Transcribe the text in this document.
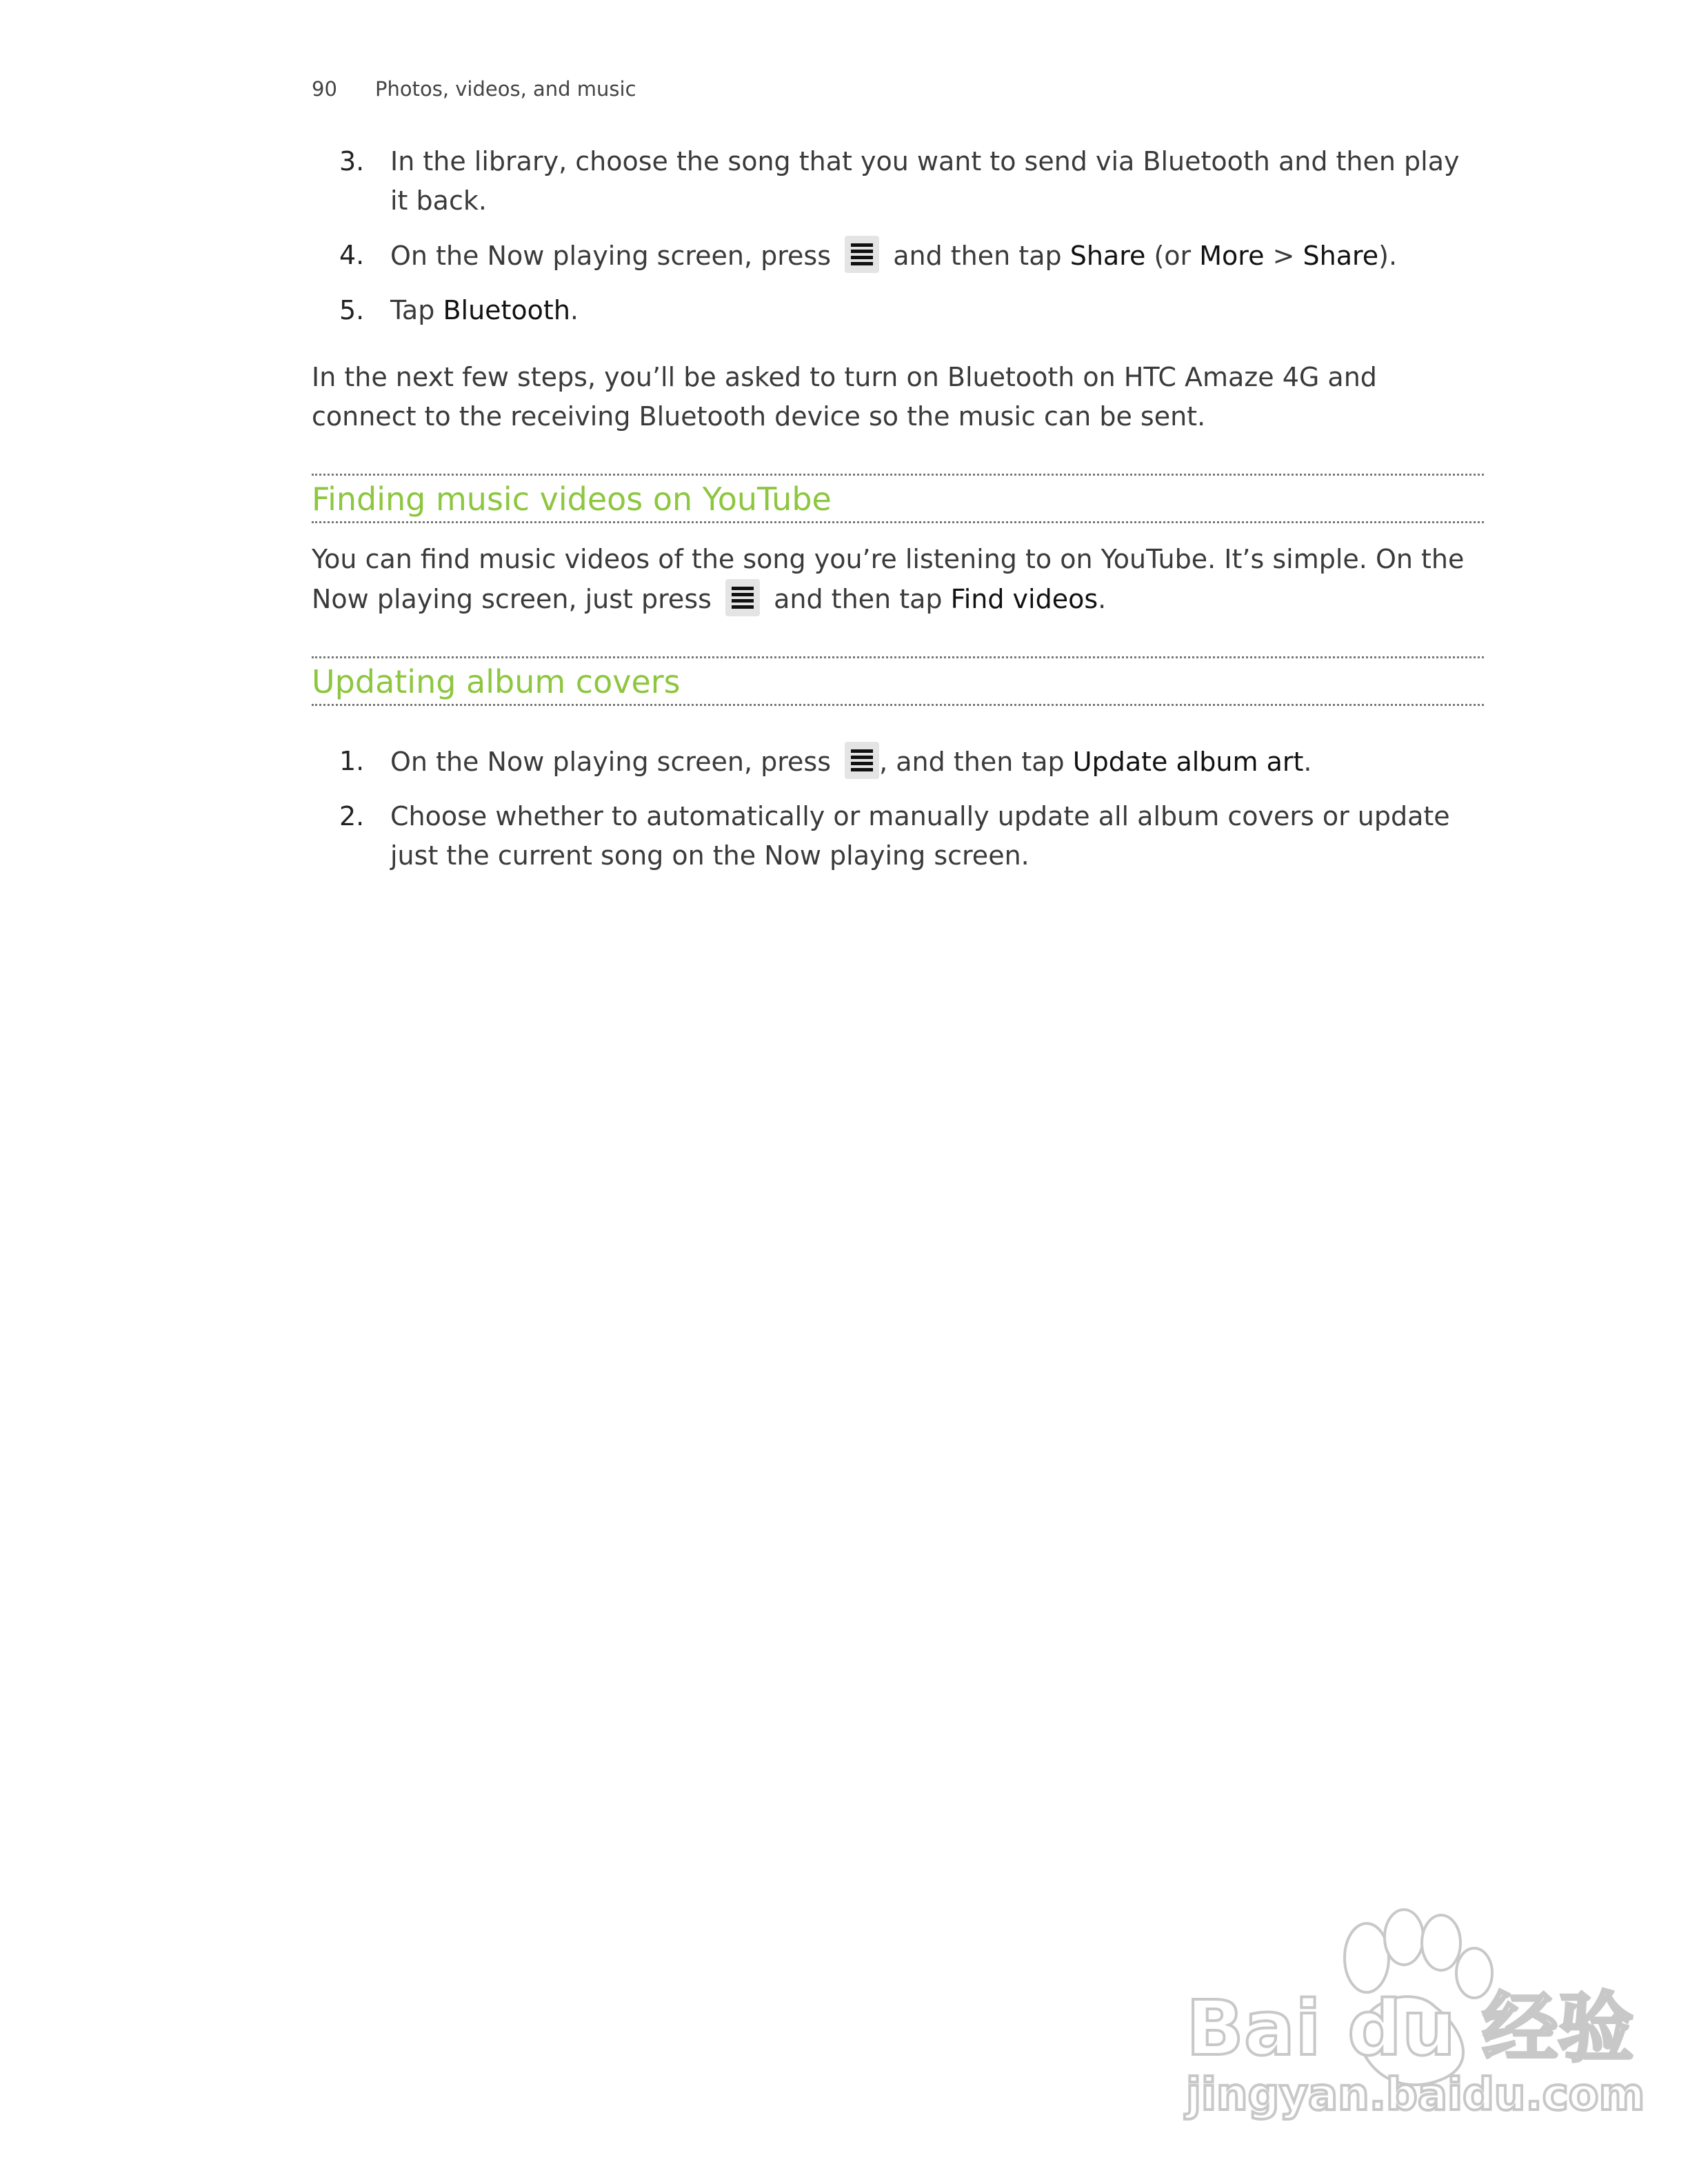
90 Photos, videos, and music
3. In the library, choose the song that you want to send via Bluetooth and then play it back.
4. On the Now playing screen, press and then tap Share (or More > Share).
5. Tap Bluetooth.

In the next few steps, you’ll be asked to turn on Bluetooth on HTC Amaze 4G and connect to the receiving Bluetooth device so the music can be sent.

Finding music videos on YouTube

You can find music videos of the song you’re listening to on YouTube. It’s simple. On the Now playing screen, just press and then tap Find videos.

Updating album covers
1. On the Now playing screen, press , and then tap Update album art.
2. Choose whether to automatically or manually update all album covers or update just the current song on the Now playing screen.
Bai du 经验
jingyan.baidu.com
